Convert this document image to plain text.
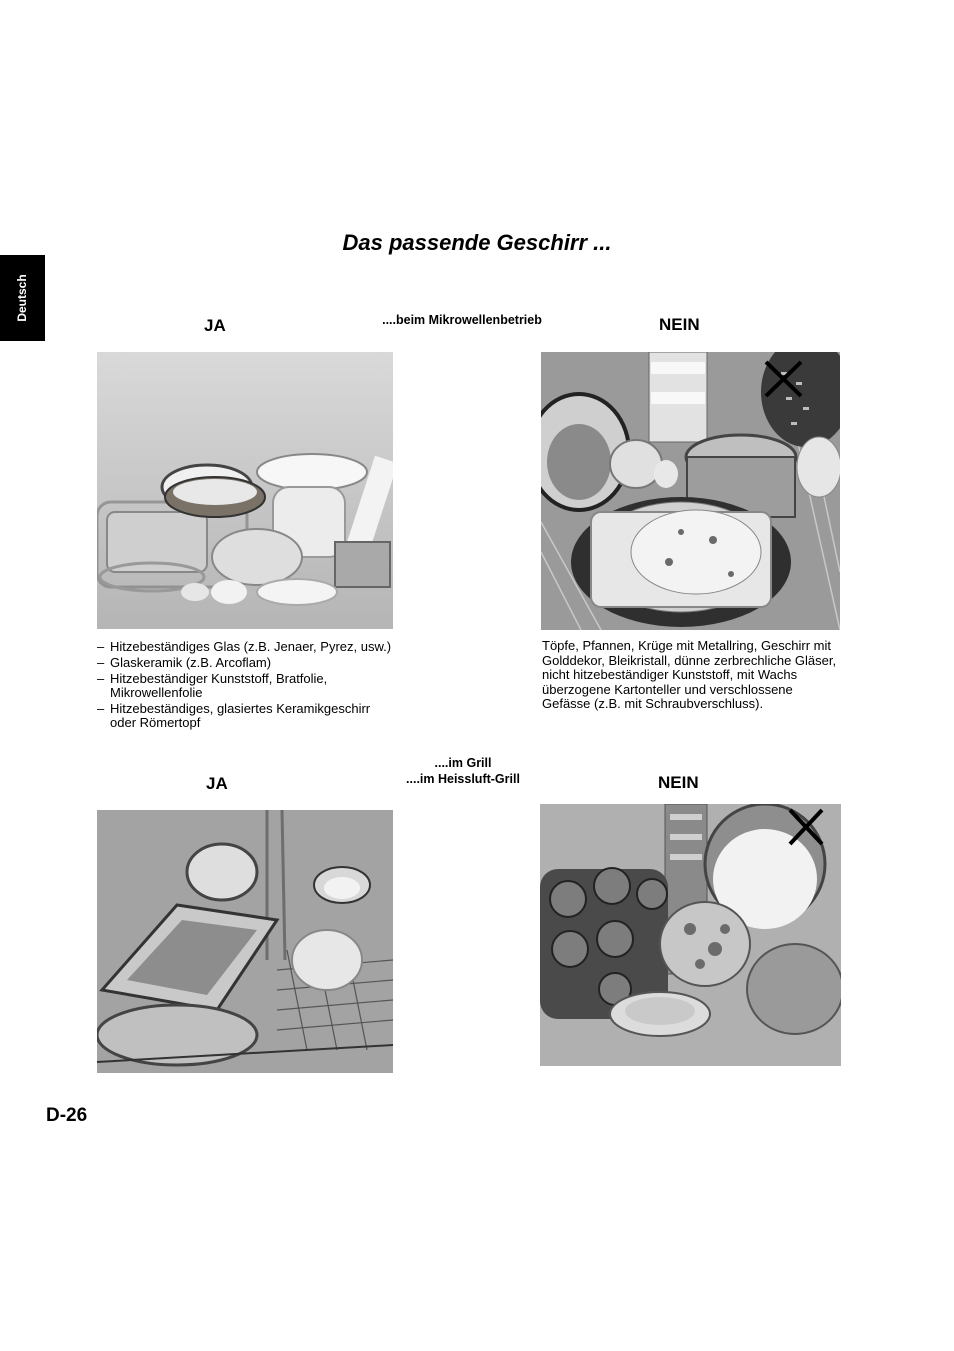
Deutsch
Das passende Geschirr ...
JA	....beim Mikrowellenbetrieb	NEIN
– Hitzebeständiges Glas (z.B. Jenaer, Pyrez, usw.)
– Glaskeramik (z.B. Arcoflam)
– Hitzebeständiger Kunststoff, Bratfolie, Mikrowellenfolie
– Hitzebeständiges, glasiertes Keramikgeschirr oder Römertopf

Töpfe, Pfannen, Krüge mit Metallring, Geschirr mit Golddekor, Bleikristall, dünne zerbrechliche Gläser, nicht hitzebeständiger Kunststoff, mit Wachs überzogene Kartonteller und verschlossene Gefässe (z.B. mit Schraubverschluss).

....im Grill
....im Heissluft-Grill
JA	NEIN
D-26
